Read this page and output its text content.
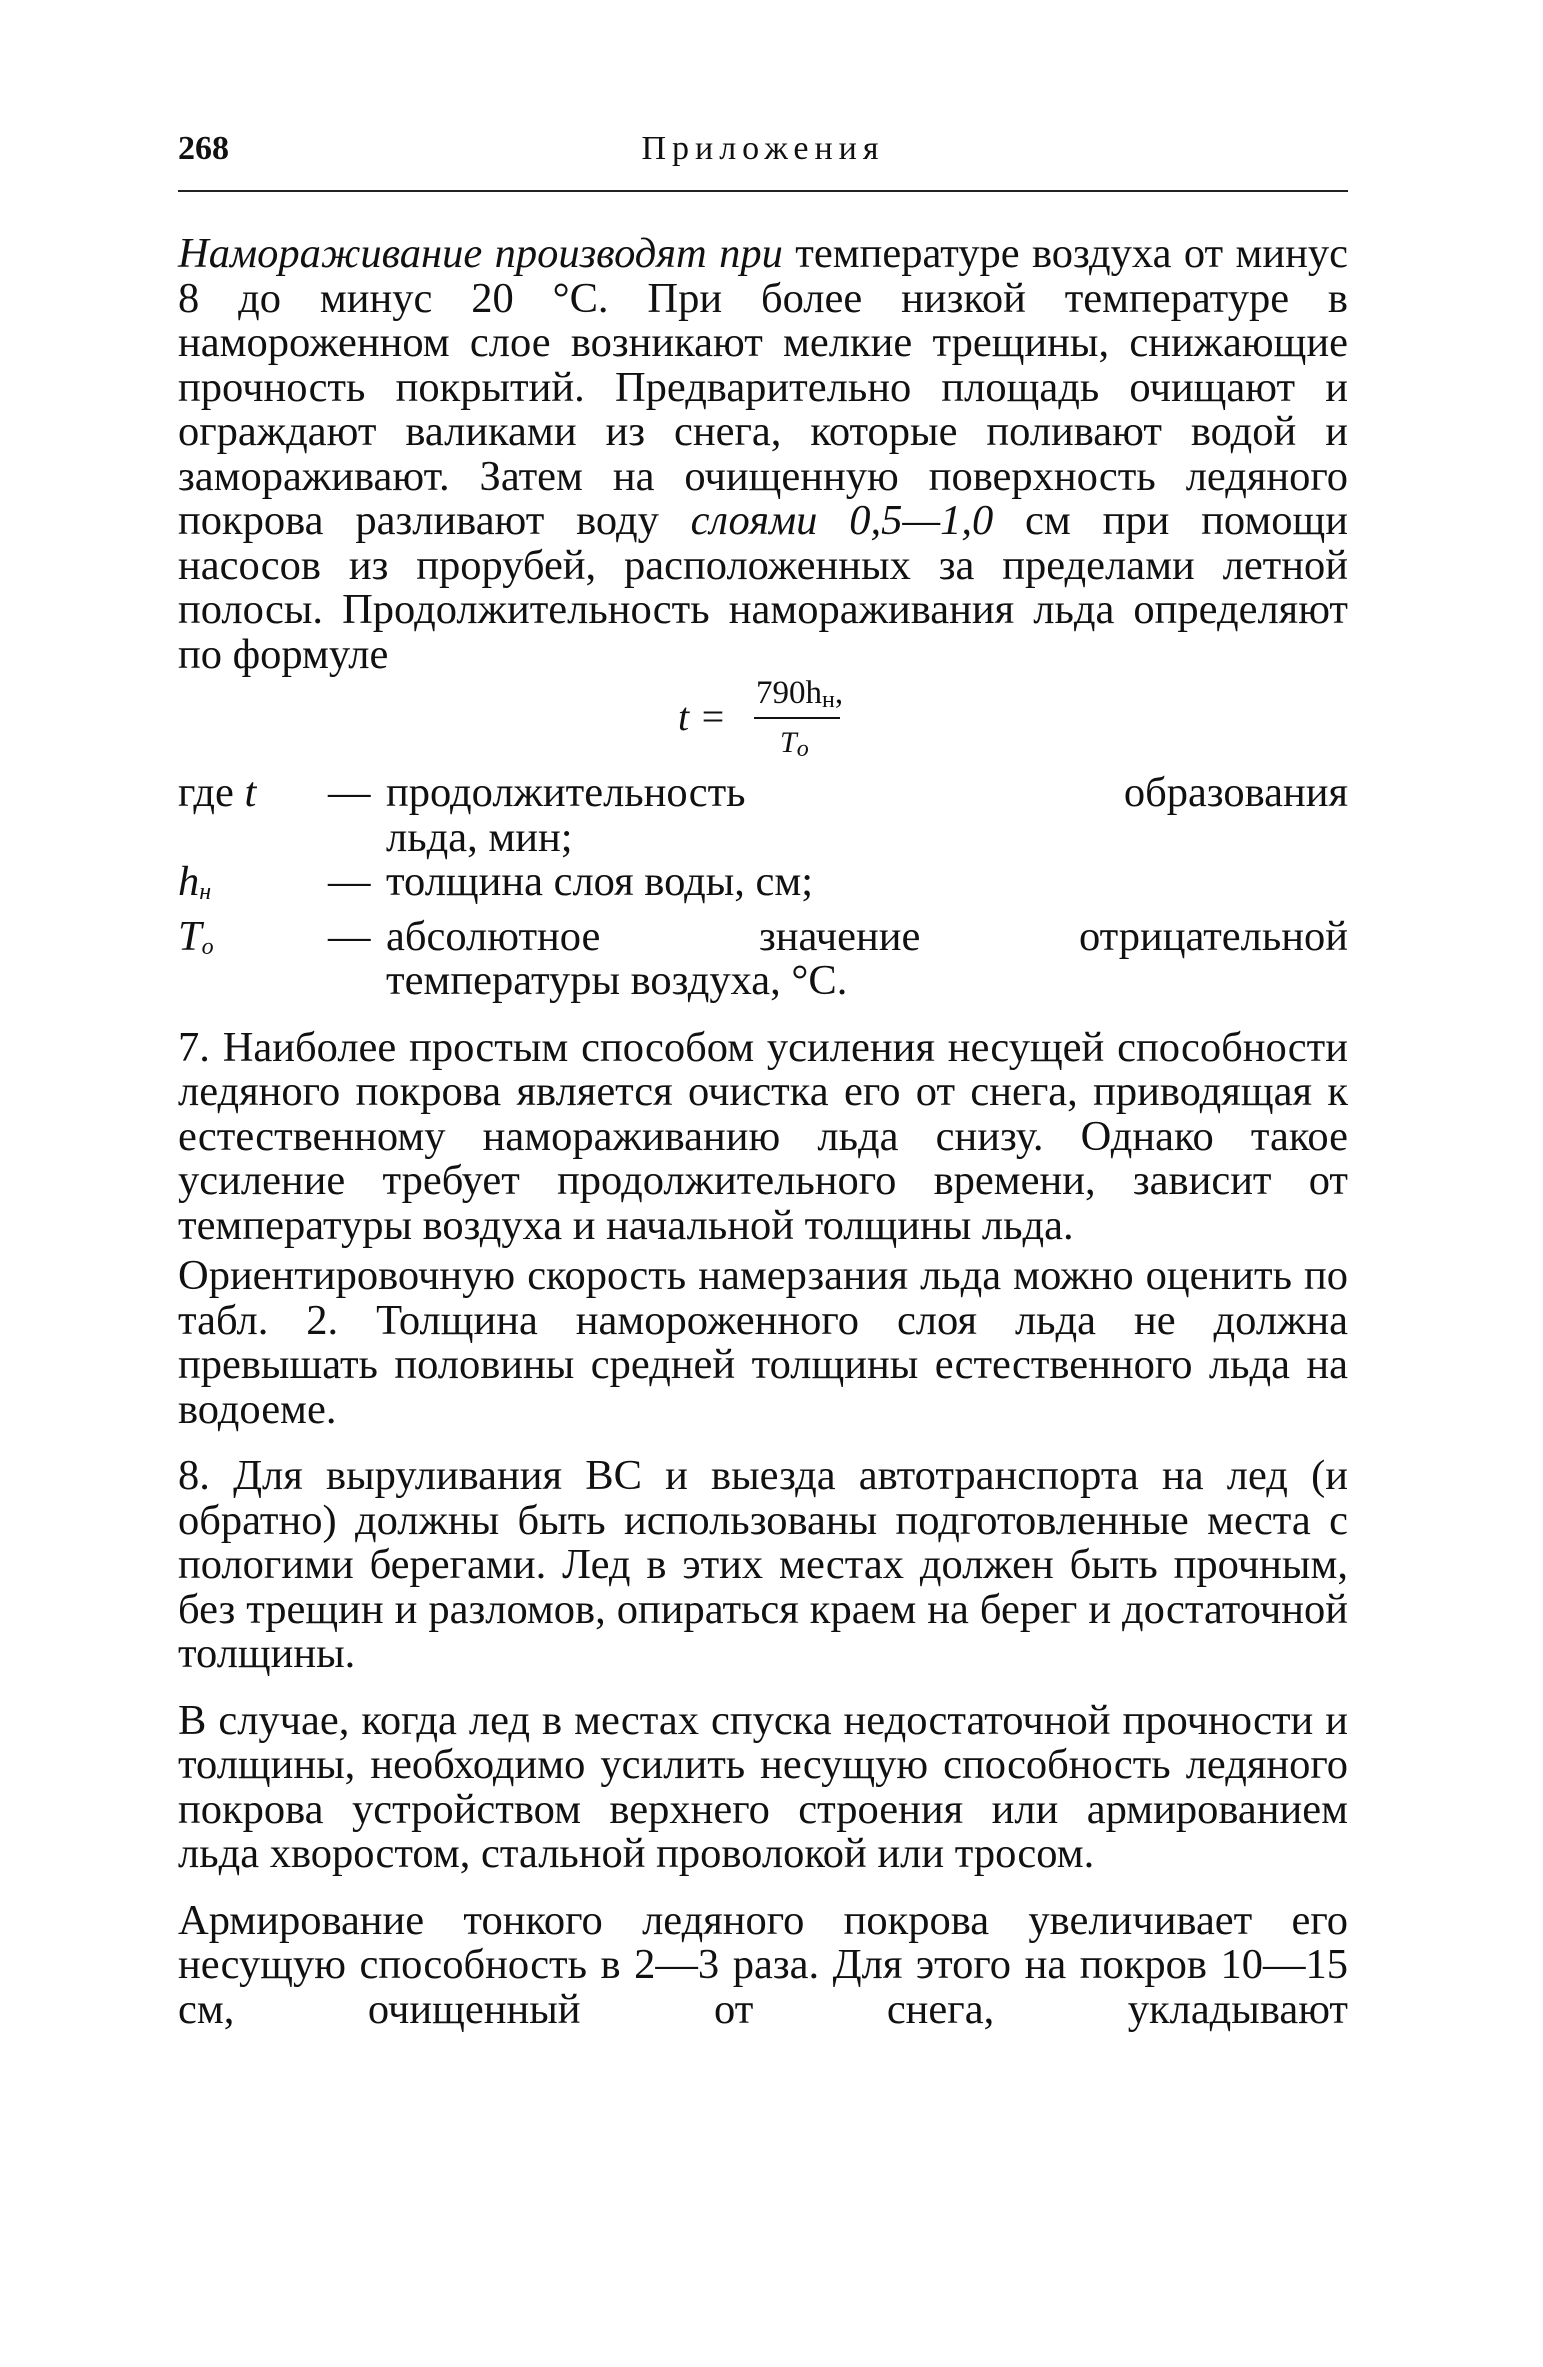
268	Приложения

Намораживание производят при температуре воздуха от минус 8 до минус 20 °С. При более низкой температуре в намороженном слое возникают мелкие трещины, снижающие прочность покрытий. Предварительно площадь очищают и ограждают валиками из снега, которые поливают водой и замораживают. Затем на очищенную поверхность ледяного покрова разливают воду слоями 0,5—1,0 см при помощи насосов из прорубей, расположенных за пределами летной полосы. Продолжительность намораживания льда определяют по формуле

t =
790hн,
Tо
где t	— продолжительность образования
льда, мин;
hн	— толщина слоя воды, см;
Tо	— абсолютное значение отрицательной
температуры воздуха, °С.

7. Наиболее простым способом усиления несущей способности ледяного покрова является очистка его от снега, приводящая к естественному намораживанию льда снизу. Однако такое усиление требует продолжительного времени, зависит от температуры воздуха и начальной толщины льда.

Ориентировочную скорость намерзания льда можно оценить по табл. 2. Толщина намороженного слоя льда не должна превышать половины средней толщины естественного льда на водоеме.

8. Для выруливания ВС и выезда автотранспорта на лед (и обратно) должны быть использованы подготовленные места с пологими берегами. Лед в этих местах должен быть прочным, без трещин и разломов, опираться краем на берег и достаточной толщины.

В случае, когда лед в местах спуска недостаточной прочности и толщины, необходимо усилить несущую способность ледяного покрова устройством верхнего строения или армированием льда хворостом, стальной проволокой или тросом.

Армирование тонкого ледяного покрова увеличивает его несущую способность в 2—3 раза. Для этого на покров 10—15 см, очищенный от снега, укладывают
